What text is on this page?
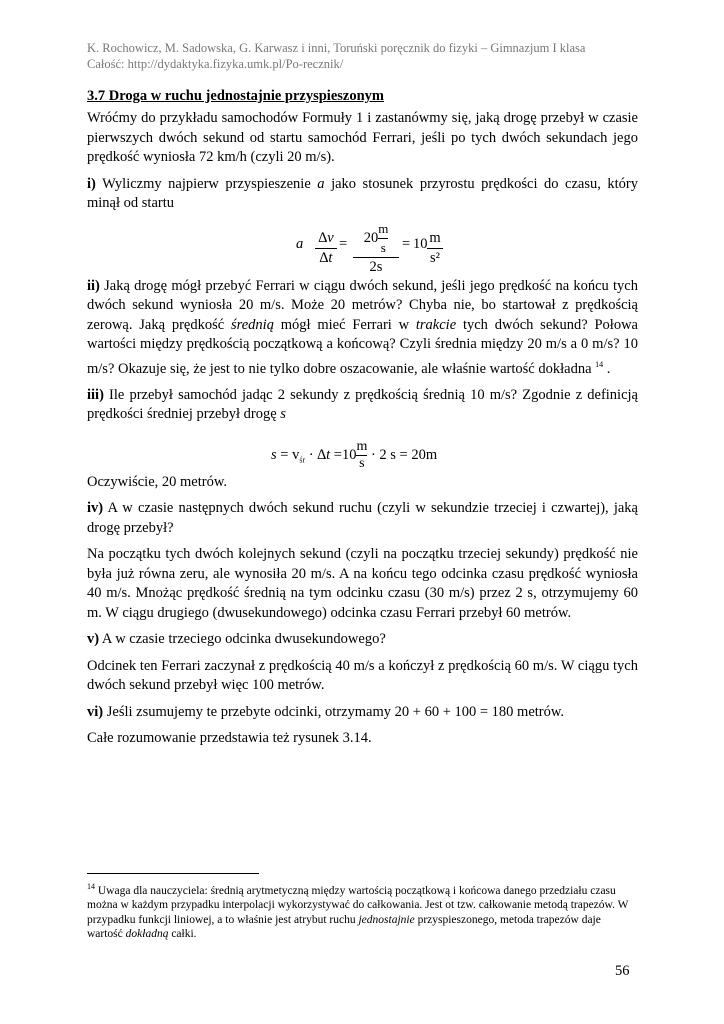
K. Rochowicz, M. Sadowska, G. Karwasz i inni, Toruński poręcznik do fizyki – Gimnazjum I klasa
Całość: http://dydaktyka.fizyka.umk.pl/Po-recznik/
3.7 Droga w ruchu jednostajnie przyspieszonym

Wróćmy do przykładu samochodów Formuły 1 i zastanówmy się, jaką drogę przebył w czasie pierwszych dwóch sekund od startu samochód Ferrari, jeśli po tych dwóch sekundach jego prędkość wyniosła 72 km/h (czyli 20 m/s).

i) Wyliczmy najpierw przyspieszenie a jako stosunek przyrostu prędkości do czasu, który minął od startu

a ∆v
∆t
=	$20 \frac{m}{s}$
2s
= 10 m
s²

ii) Jaką drogę mógł przebyć Ferrari w ciągu dwóch sekund, jeśli jego prędkość na końcu tych dwóch sekund wyniosła 20 m/s. Może 20 metrów? Chyba nie, bo startował z prędkością zerową. Jaką prędkość średnią mógł mieć Ferrari w trakcie tych dwóch sekund? Połowa wartości między prędkością początkową a końcową? Czyli średnia między 20 m/s a 0 m/s? 10 m/s? Okazuje się, że jest to nie tylko dobre oszacowanie, ale właśnie wartość dokładna $^{14}$ .

iii) Ile przebył samochód jadąc 2 sekundy z prędkością średnią 10 m/s? Zgodnie z definicją prędkości średniej przebył drogę s

$s = v_{śr} \cdot \Delta t =10 \frac{m}{s} \cdot 2$ s = 20m

Oczywiście, 20 metrów.

iv) A w czasie następnych dwóch sekund ruchu (czyli w sekundzie trzeciej i czwartej), jaką drogę przebył?

Na początku tych dwóch kolejnych sekund (czyli na początku trzeciej sekundy) prędkość nie była już równa zeru, ale wynosiła 20 m/s. A na końcu tego odcinka czasu prędkość wyniosła 40 m/s. Mnożąc prędkość średnią na tym odcinku czasu (30 m/s) przez 2 s, otrzymujemy 60 m. W ciągu drugiego (dwusekundowego) odcinka czasu Ferrari przebył 60 metrów.

v) A w czasie trzeciego odcinka dwusekundowego?

Odcinek ten Ferrari zaczynał z prędkością 40 m/s a kończył z prędkością 60 m/s. W ciągu tych dwóch sekund przebył więc 100 metrów.

vi) Jeśli zsumujemy te przebyte odcinki, otrzymamy 20 + 60 + 100 = 180 metrów.

Całe rozumowanie przedstawia też rysunek 3.14.

$^{14}$ Uwaga dla nauczyciela: średnią arytmetyczną między wartością początkową i końcowa danego przedziału czasu można w każdym przypadku interpolacji wykorzystywać do całkowania. Jest ot tzw. całkowanie metodą trapezów. W przypadku funkcji liniowej, a to właśnie jest atrybut ruchu jednostajnie przyspieszonego, metoda trapezów daje wartość dokładną całki.
56
